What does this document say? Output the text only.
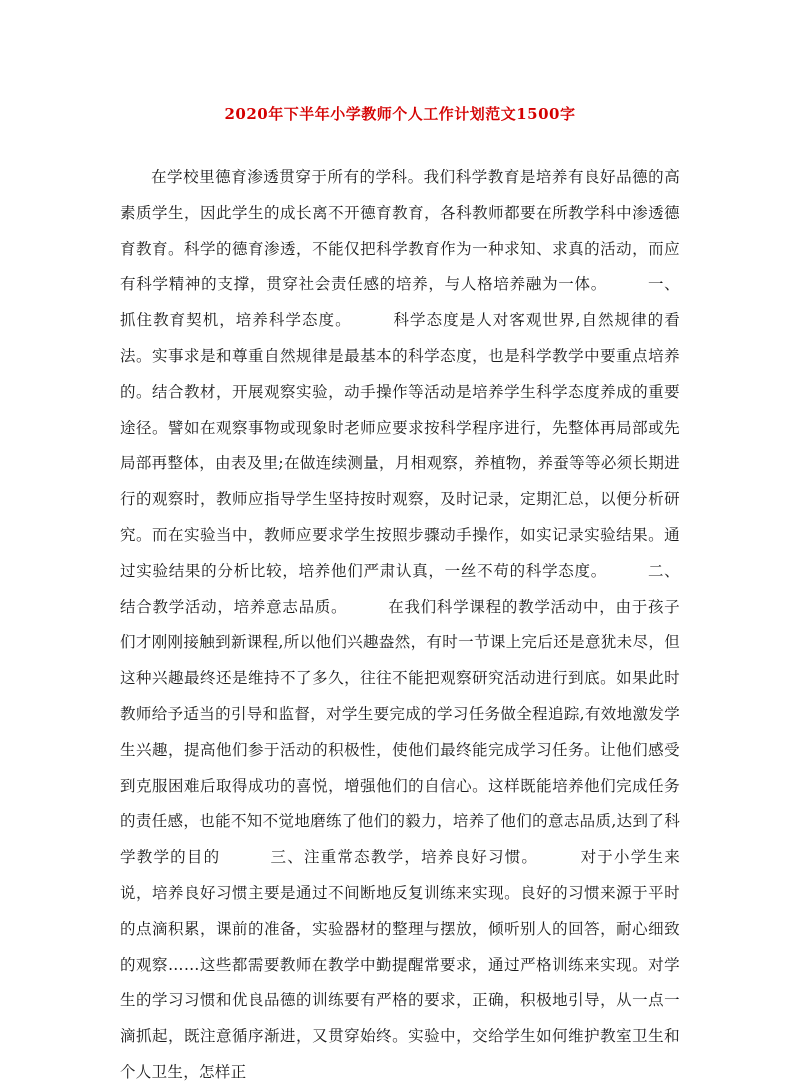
2020年下半年小学教师个人工作计划范文1500字

在学校里德育渗透贯穿于所有的学科。我们科学教育是培养有良好品德的高素质学生，因此学生的成长离不开德育教育，各科教师都要在所教学科中渗透德育教育。科学的德育渗透，不能仅把科学教育作为一种求知、求真的活动，而应有科学精神的支撑，贯穿社会责任感的培养，与人格培养融为一体。　　　一、抓住教育契机，培养科学态度。　　　科学态度是人对客观世界,自然规律的看法。实事求是和尊重自然规律是最基本的科学态度，也是科学教学中要重点培养的。结合教材，开展观察实验，动手操作等活动是培养学生科学态度养成的重要途径。譬如在观察事物或现象时老师应要求按科学程序进行，先整体再局部或先局部再整体，由表及里;在做连续测量，月相观察，养植物，养蚕等等必须长期进行的观察时，教师应指导学生坚持按时观察，及时记录，定期汇总，以便分析研究。而在实验当中，教师应要求学生按照步骤动手操作，如实记录实验结果。通过实验结果的分析比较，培养他们严肃认真，一丝不苟的科学态度。　　　二、结合教学活动，培养意志品质。　　　在我们科学课程的教学活动中，由于孩子们才刚刚接触到新课程,所以他们兴趣盎然，有时一节课上完后还是意犹未尽，但这种兴趣最终还是维持不了多久，往往不能把观察研究活动进行到底。如果此时教师给予适当的引导和监督，对学生要完成的学习任务做全程追踪,有效地激发学生兴趣，提高他们参于活动的积极性，使他们最终能完成学习任务。让他们感受到克服困难后取得成功的喜悦，增强他们的自信心。这样既能培养他们完成任务的责任感，也能不知不觉地磨练了他们的毅力，培养了他们的意志品质,达到了科学教学的目的　　　三、注重常态教学，培养良好习惯。　　　对于小学生来说，培养良好习惯主要是通过不间断地反复训练来实现。良好的习惯来源于平时的点滴积累，课前的准备，实验器材的整理与摆放，倾听别人的回答，耐心细致的观察……这些都需要教师在教学中勤提醒常要求，通过严格训练来实现。对学生的学习习惯和优良品德的训练要有严格的要求，正确，积极地引导，从一点一滴抓起，既注意循序渐进，又贯穿始终。实验中，交给学生如何维护教室卫生和个人卫生，怎样正
